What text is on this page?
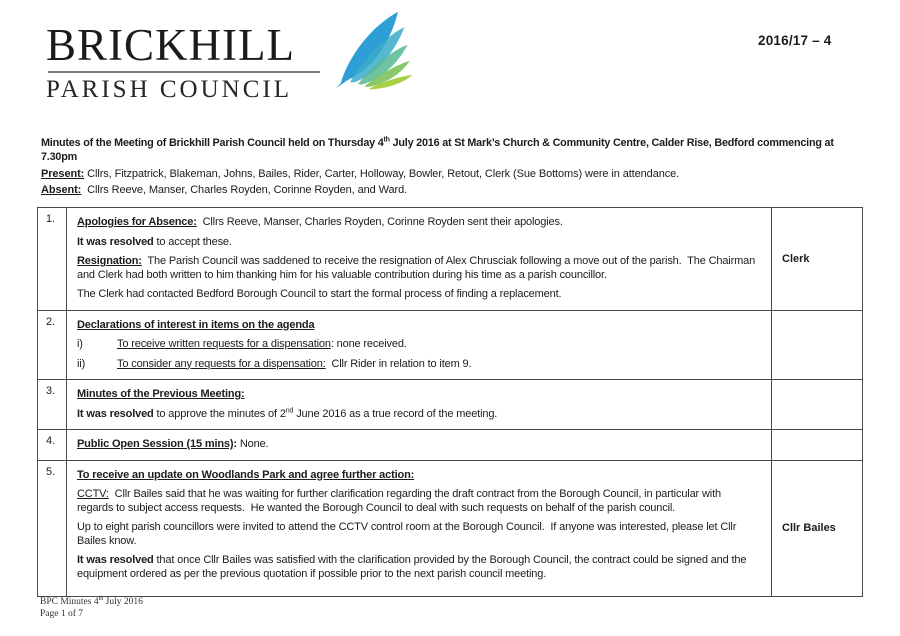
BRICKHILL
PARISH COUNCIL
2016/17 – 4
Minutes of the Meeting of Brickhill Parish Council held on Thursday 4th July 2016 at St Mark’s Church & Community Centre, Calder Rise, Bedford commencing at 7.30pm
Present: Cllrs, Fitzpatrick, Blakeman, Johns, Bailes, Rider, Carter, Holloway, Bowler, Retout, Clerk (Sue Bottoms) were in attendance.
Absent:  Cllrs Reeve, Manser, Charles Royden, Corinne Royden, and Ward.
1.	Apologies for Absence:  Cllrs Reeve, Manser, Charles Royden, Corinne Royden sent their apologies.
It was resolved to accept these.
Resignation:  The Parish Council was saddened to receive the resignation of Alex Chrusciak following a move out of the parish.  The Chairman and Clerk had both written to him thanking him for his valuable contribution during his time as a parish councillor.
The Clerk had contacted Bedford Borough Council to start the formal process of finding a replacement.
Clerk
2.	Declarations of interest in items on the agenda
i)	To receive written requests for a dispensation: none received.
ii)	To consider any requests for a dispensation:  Cllr Rider in relation to item 9.
3.	Minutes of the Previous Meeting:
It was resolved to approve the minutes of 2nd June 2016 as a true record of the meeting.
4.	Public Open Session (15 mins): None.
5.	To receive an update on Woodlands Park and agree further action:
CCTV:  Cllr Bailes said that he was waiting for further clarification regarding the draft contract from the Borough Council, in particular with regards to subject access requests.  He wanted the Borough Council to deal with such requests on behalf of the parish council.
Up to eight parish councillors were invited to attend the CCTV control room at the Borough Council.  If anyone was interested, please let Cllr Bailes know.
It was resolved that once Cllr Bailes was satisfied with the clarification provided by the Borough Council, the contract could be signed and the equipment ordered as per the previous quotation if possible prior to the next parish council meeting.
Cllr Bailes
BPC Minutes 4th July 2016
Page 1 of 7
